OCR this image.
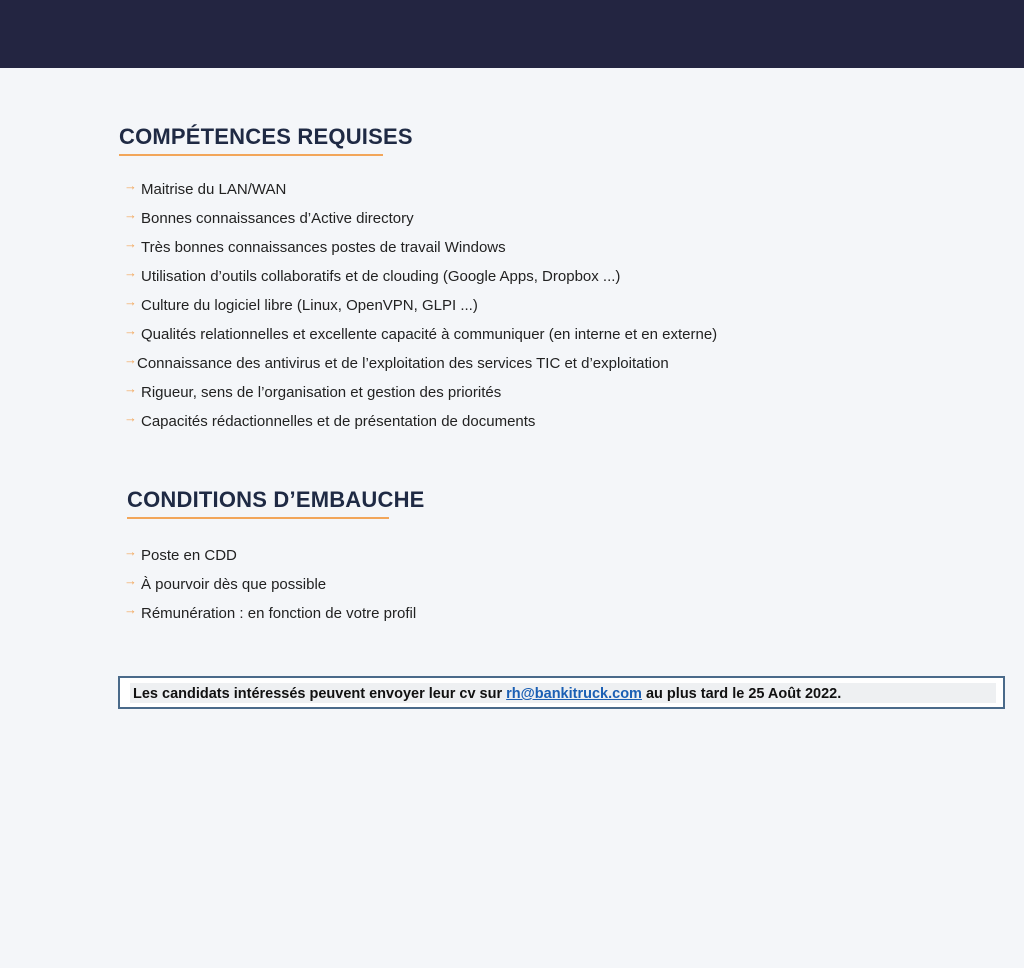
COMPÉTENCES REQUISES
→ Maitrise du LAN/WAN
→ Bonnes connaissances d’Active directory
→ Très bonnes connaissances postes de travail Windows
→ Utilisation d’outils collaboratifs et de clouding (Google Apps, Dropbox ...)
→ Culture du logiciel libre (Linux, OpenVPN, GLPI ...)
→ Qualités relationnelles et excellente capacité à communiquer (en interne et en externe)
→ Connaissance des antivirus et de l’exploitation des services TIC et d’exploitation
→ Rigueur, sens de l’organisation et gestion des priorités
→ Capacités rédactionnelles et de présentation de documents
CONDITIONS D’EMBAUCHE
→ Poste en CDD
→ À pourvoir dès que possible
→ Rémunération : en fonction de votre profil
Les candidats intéressés peuvent envoyer leur cv sur rh@bankitruck.com au plus tard le 25 Août 2022.
